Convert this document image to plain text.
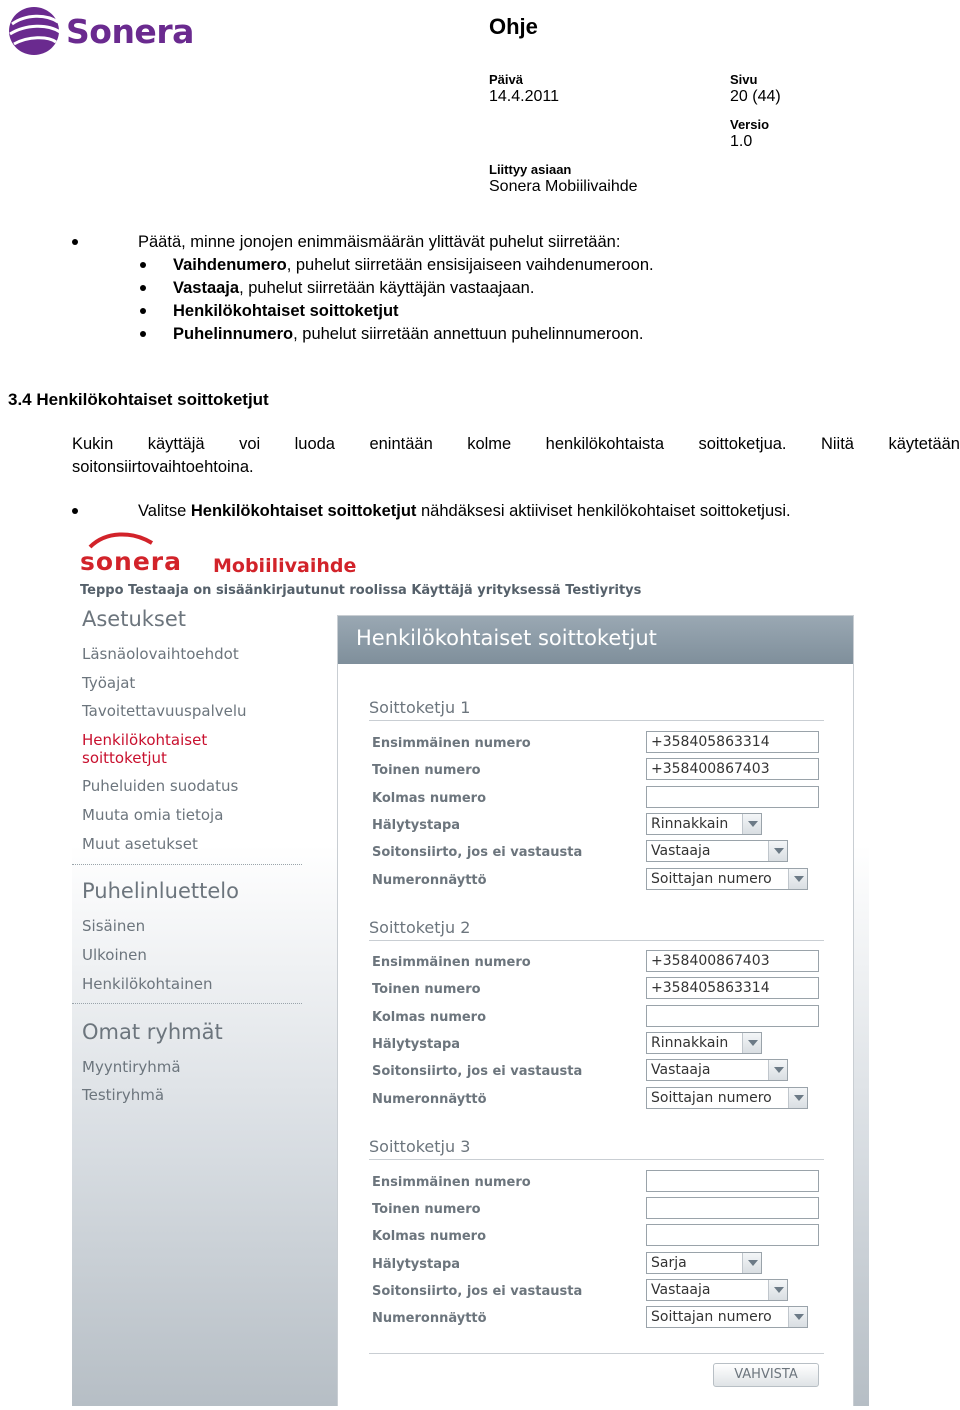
Sonera	Ohje
Päivä
14.4.2011
Sivu
20 (44)
Versio
1.0
Liittyy asiaan
Sonera Mobiilivaihde
Päätä, minne jonojen enimmäismäärän ylittävät puhelut siirretään:
Vaihdenumero, puhelut siirretään ensisijaiseen vaihdenumeroon.
Vastaaja, puhelut siirretään käyttäjän vastaajaan.
Henkilökohtaiset soittoketjut
Puhelinnumero, puhelut siirretään annettuun puhelinnumeroon.
3.4 Henkilökohtaiset soittoketjut
Kukin käyttäjä voi luoda enintään kolme henkilökohtaista soittoketjua. Niitä käytetään
soitonsiirtovaihtoehtoina.
Valitse Henkilökohtaiset soittoketjut nähdäksesi aktiiviset henkilökohtaiset soittoketjusi.
sonera Mobiilivaihde
Teppo Testaaja on sisäänkirjautunut roolissa Käyttäjä yrityksessä Testiyritys
Asetukset
Läsnäolovaihtoehdot
Työajat
Tavoitettavuuspalvelu
Henkilökohtaiset soittoketjut
Puheluiden suodatus
Muuta omia tietoja
Muut asetukset
Puhelinluettelo
Sisäinen
Ulkoinen
Henkilökohtainen
Omat ryhmät
Myyntiryhmä
Testiryhmä
Henkilökohtaiset soittoketjut
Soittoketju 1
Ensimmäinen numero	+358405863314
Toinen numero	+358400867403
Kolmas numero
Hälytystapa	Rinnakkain
Soitonsiirto, jos ei vastausta	Vastaaja
Numeronnäyttö	Soittajan numero
Soittoketju 2
Ensimmäinen numero	+358400867403
Toinen numero	+358405863314
Kolmas numero
Hälytystapa	Rinnakkain
Soitonsiirto, jos ei vastausta	Vastaaja
Numeronnäyttö	Soittajan numero
Soittoketju 3
Ensimmäinen numero
Toinen numero
Kolmas numero
Hälytystapa	Sarja
Soitonsiirto, jos ei vastausta	Vastaaja
Numeronnäyttö	Soittajan numero
VAHVISTA
